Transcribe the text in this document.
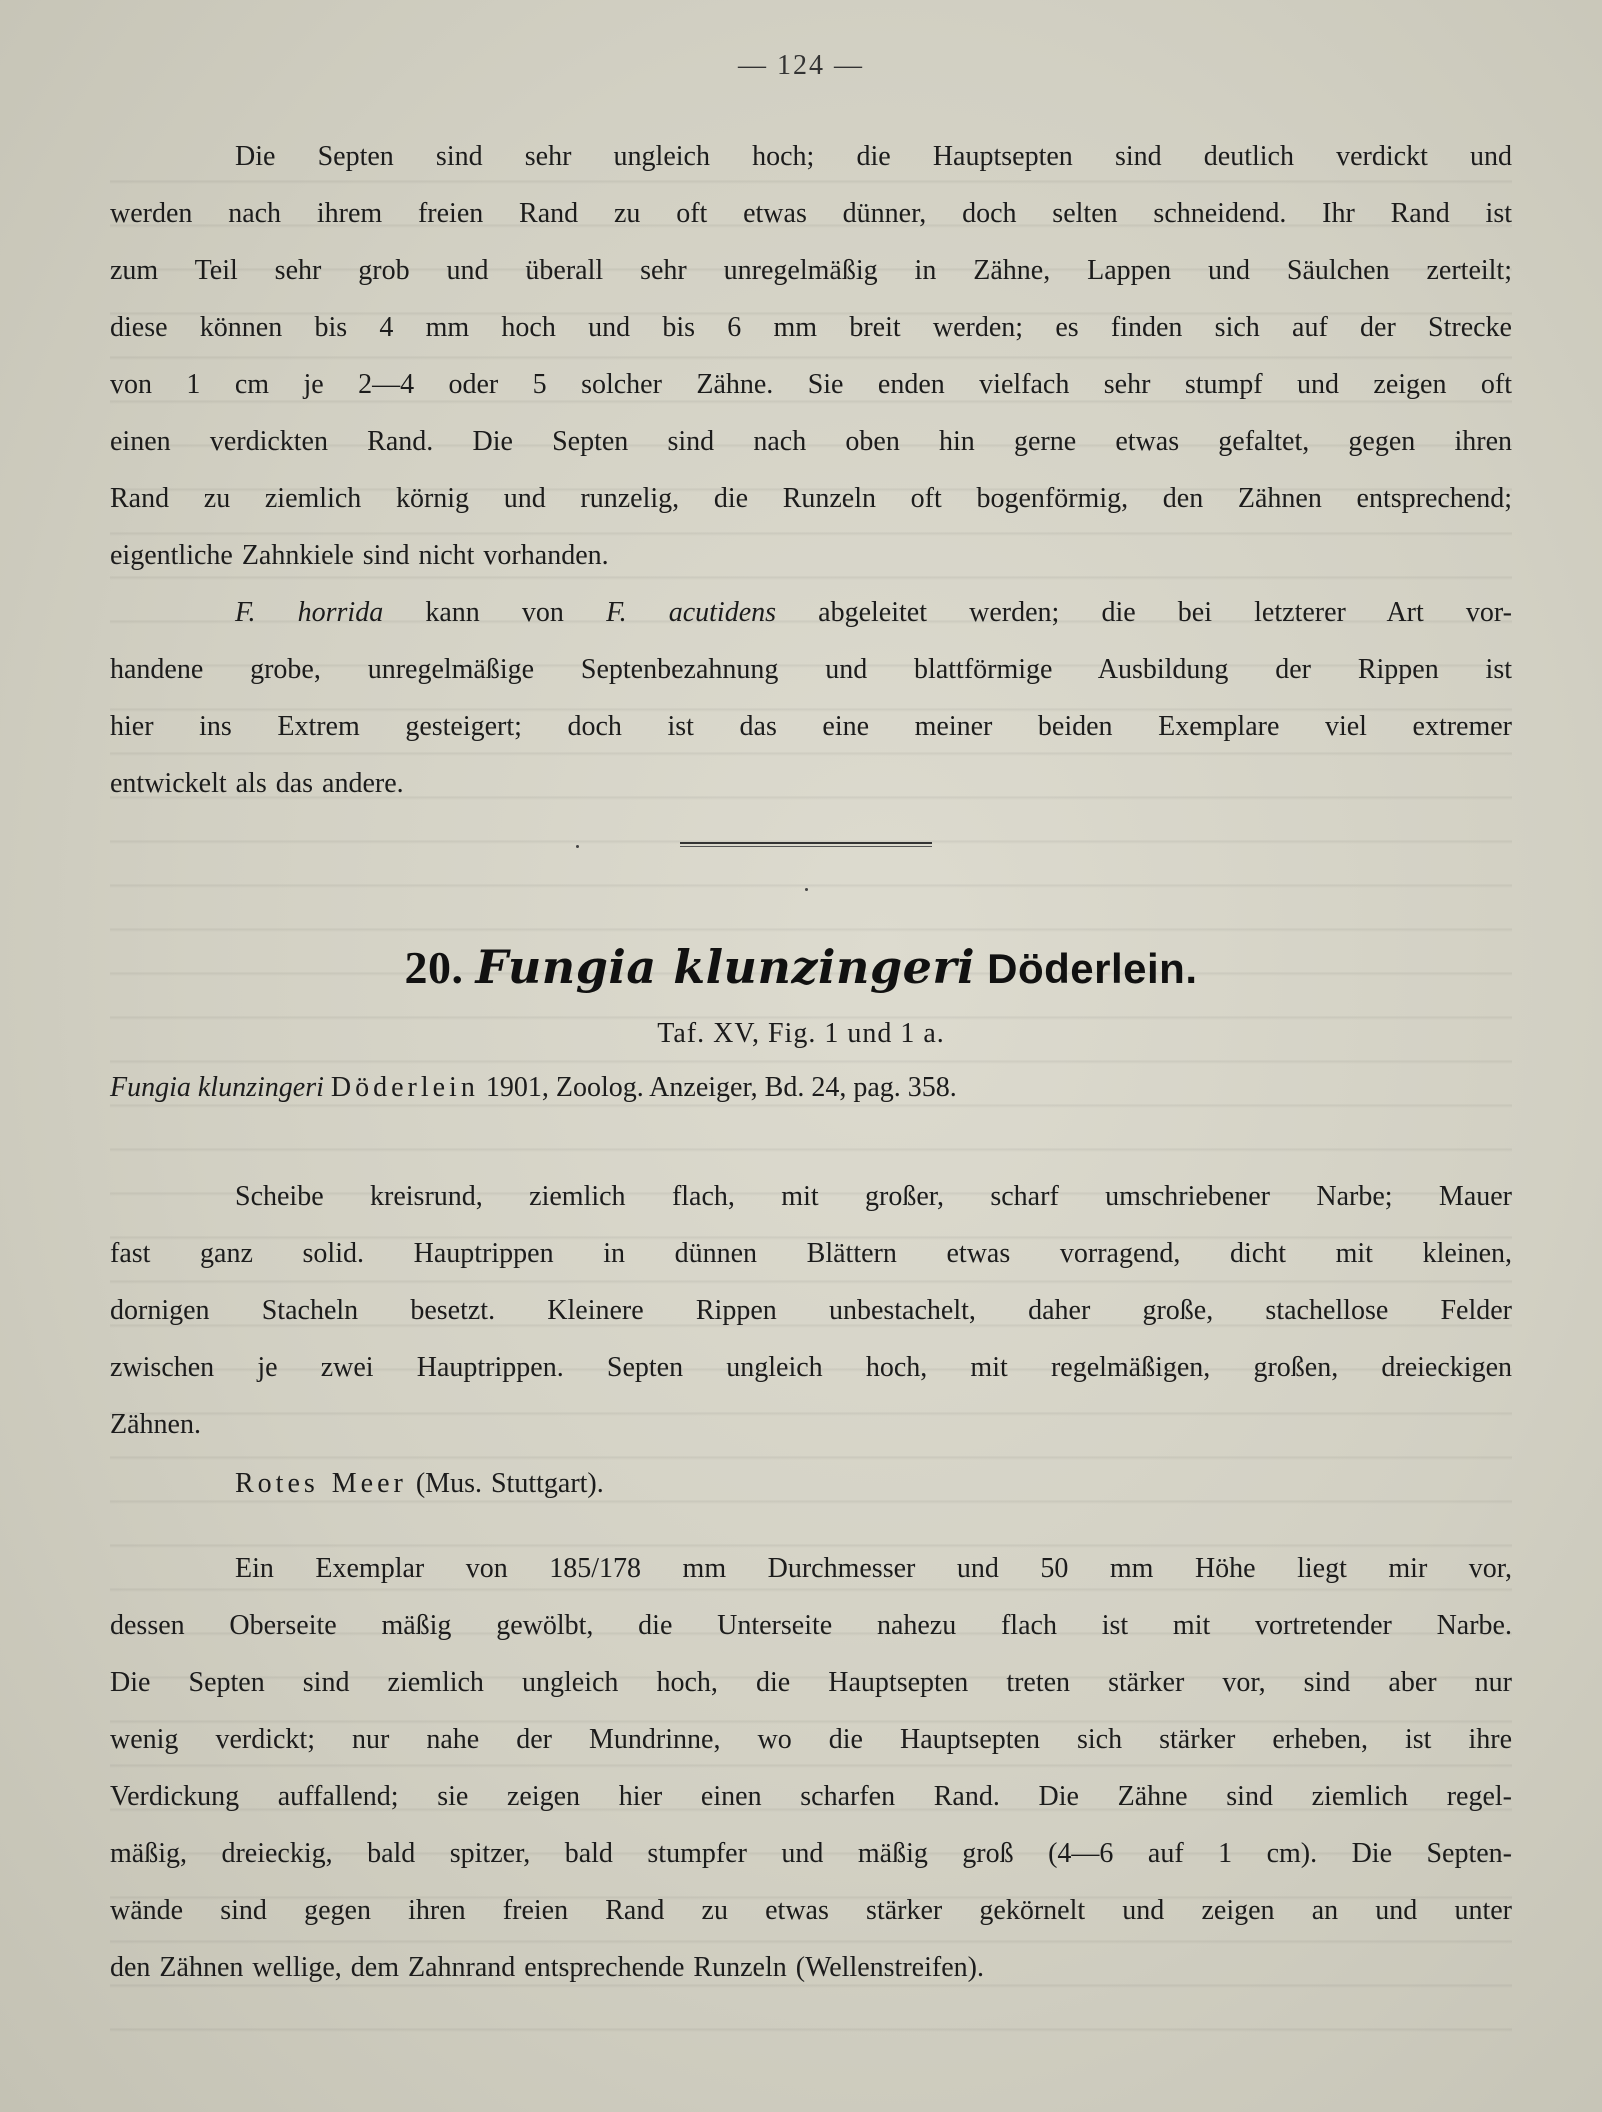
— 124 —
Die Septen sind sehr ungleich hoch; die Hauptsepten sind deutlich verdickt und
werden nach ihrem freien Rand zu oft etwas dünner, doch selten schneidend. Ihr Rand ist
zum Teil sehr grob und überall sehr unregelmäßig in Zähne, Lappen und Säulchen zerteilt;
diese können bis 4 mm hoch und bis 6 mm breit werden; es finden sich auf der Strecke
von 1 cm je 2—4 oder 5 solcher Zähne. Sie enden vielfach sehr stumpf und zeigen oft
einen verdickten Rand. Die Septen sind nach oben hin gerne etwas gefaltet, gegen ihren
Rand zu ziemlich körnig und runzelig, die Runzeln oft bogenförmig, den Zähnen entsprechend;
eigentliche Zahnkiele sind nicht vorhanden.
F. horrida kann von F. acutidens abgeleitet werden; die bei letzterer Art vor-
handene grobe, unregelmäßige Septenbezahnung und blattförmige Ausbildung der Rippen ist
hier ins Extrem gesteigert; doch ist das eine meiner beiden Exemplare viel extremer
entwickelt als das andere.
20. Fungia klunzingeri Döderlein.
Taf. XV, Fig. 1 und 1 a.
Fungia klunzingeri Döderlein 1901, Zoolog. Anzeiger, Bd. 24, pag. 358.
Scheibe kreisrund, ziemlich flach, mit großer, scharf umschriebener Narbe; Mauer
fast ganz solid. Hauptrippen in dünnen Blättern etwas vorragend, dicht mit kleinen,
dornigen Stacheln besetzt. Kleinere Rippen unbestachelt, daher große, stachellose Felder
zwischen je zwei Hauptrippen. Septen ungleich hoch, mit regelmäßigen, großen, dreieckigen
Zähnen.
Rotes Meer (Mus. Stuttgart).
Ein Exemplar von 185/178 mm Durchmesser und 50 mm Höhe liegt mir vor,
dessen Oberseite mäßig gewölbt, die Unterseite nahezu flach ist mit vortretender Narbe.
Die Septen sind ziemlich ungleich hoch, die Hauptsepten treten stärker vor, sind aber nur
wenig verdickt; nur nahe der Mundrinne, wo die Hauptsepten sich stärker erheben, ist ihre
Verdickung auffallend; sie zeigen hier einen scharfen Rand. Die Zähne sind ziemlich regel-
mäßig, dreieckig, bald spitzer, bald stumpfer und mäßig groß (4—6 auf 1 cm). Die Septen-
wände sind gegen ihren freien Rand zu etwas stärker gekörnelt und zeigen an und unter
den Zähnen wellige, dem Zahnrand entsprechende Runzeln (Wellenstreifen).
